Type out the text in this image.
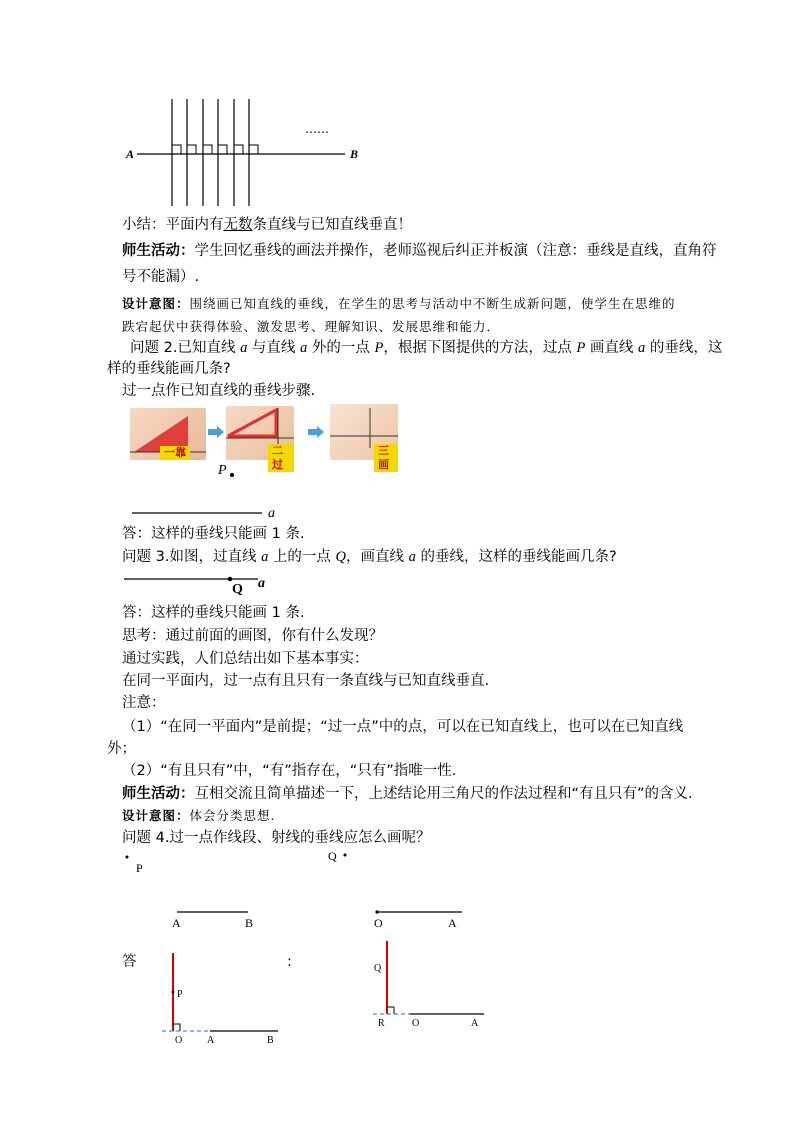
A	B
……
小结：平面内有无数条直线与已知直线垂直！
师生活动：学生回忆垂线的画法并操作，老师巡视后纠正并板演（注意：垂线是直线，直角符
号不能漏）.
设计意图：围绕画已知直线的垂线，在学生的思考与活动中不断生成新问题，使学生在思维的
跌宕起伏中获得体验、激发思考、理解知识、发展思维和能力．
问题 2.已知直线 a 与直线 a 外的一点 P，根据下图提供的方法，过点 P 画直线 a 的垂线，这
样的垂线能画几条?
过一点作已知直线的垂线步骤.
一靠	二过
三画
P
a
答：这样的垂线只能画 1 条.
问题 3.如图，过直线 a 上的一点 Q，画直线 a 的垂线，这样的垂线能画几条?
Q a
答：这样的垂线只能画 1 条.
思考：通过前面的画图，你有什么发现？
通过实践，人们总结出如下基本事实：
在同一平面内，过一点有且只有一条直线与已知直线垂直.
注意：
（1）“在同一平面内”是前提；“过一点”中的点，可以在已知直线上，也可以在已知直线
外；
（2）“有且只有”中，“有”指存在，“只有”指唯一性.
师生活动：互相交流且简单描述一下，上述结论用三角尺的作法过程和“有且只有”的含义．
设计意图：体会分类思想.
问题 4.过一点作线段、射线的垂线应怎么画呢？
P
Q
A	B	O	A
答	:
P
O A	B
Q
R	O	A
